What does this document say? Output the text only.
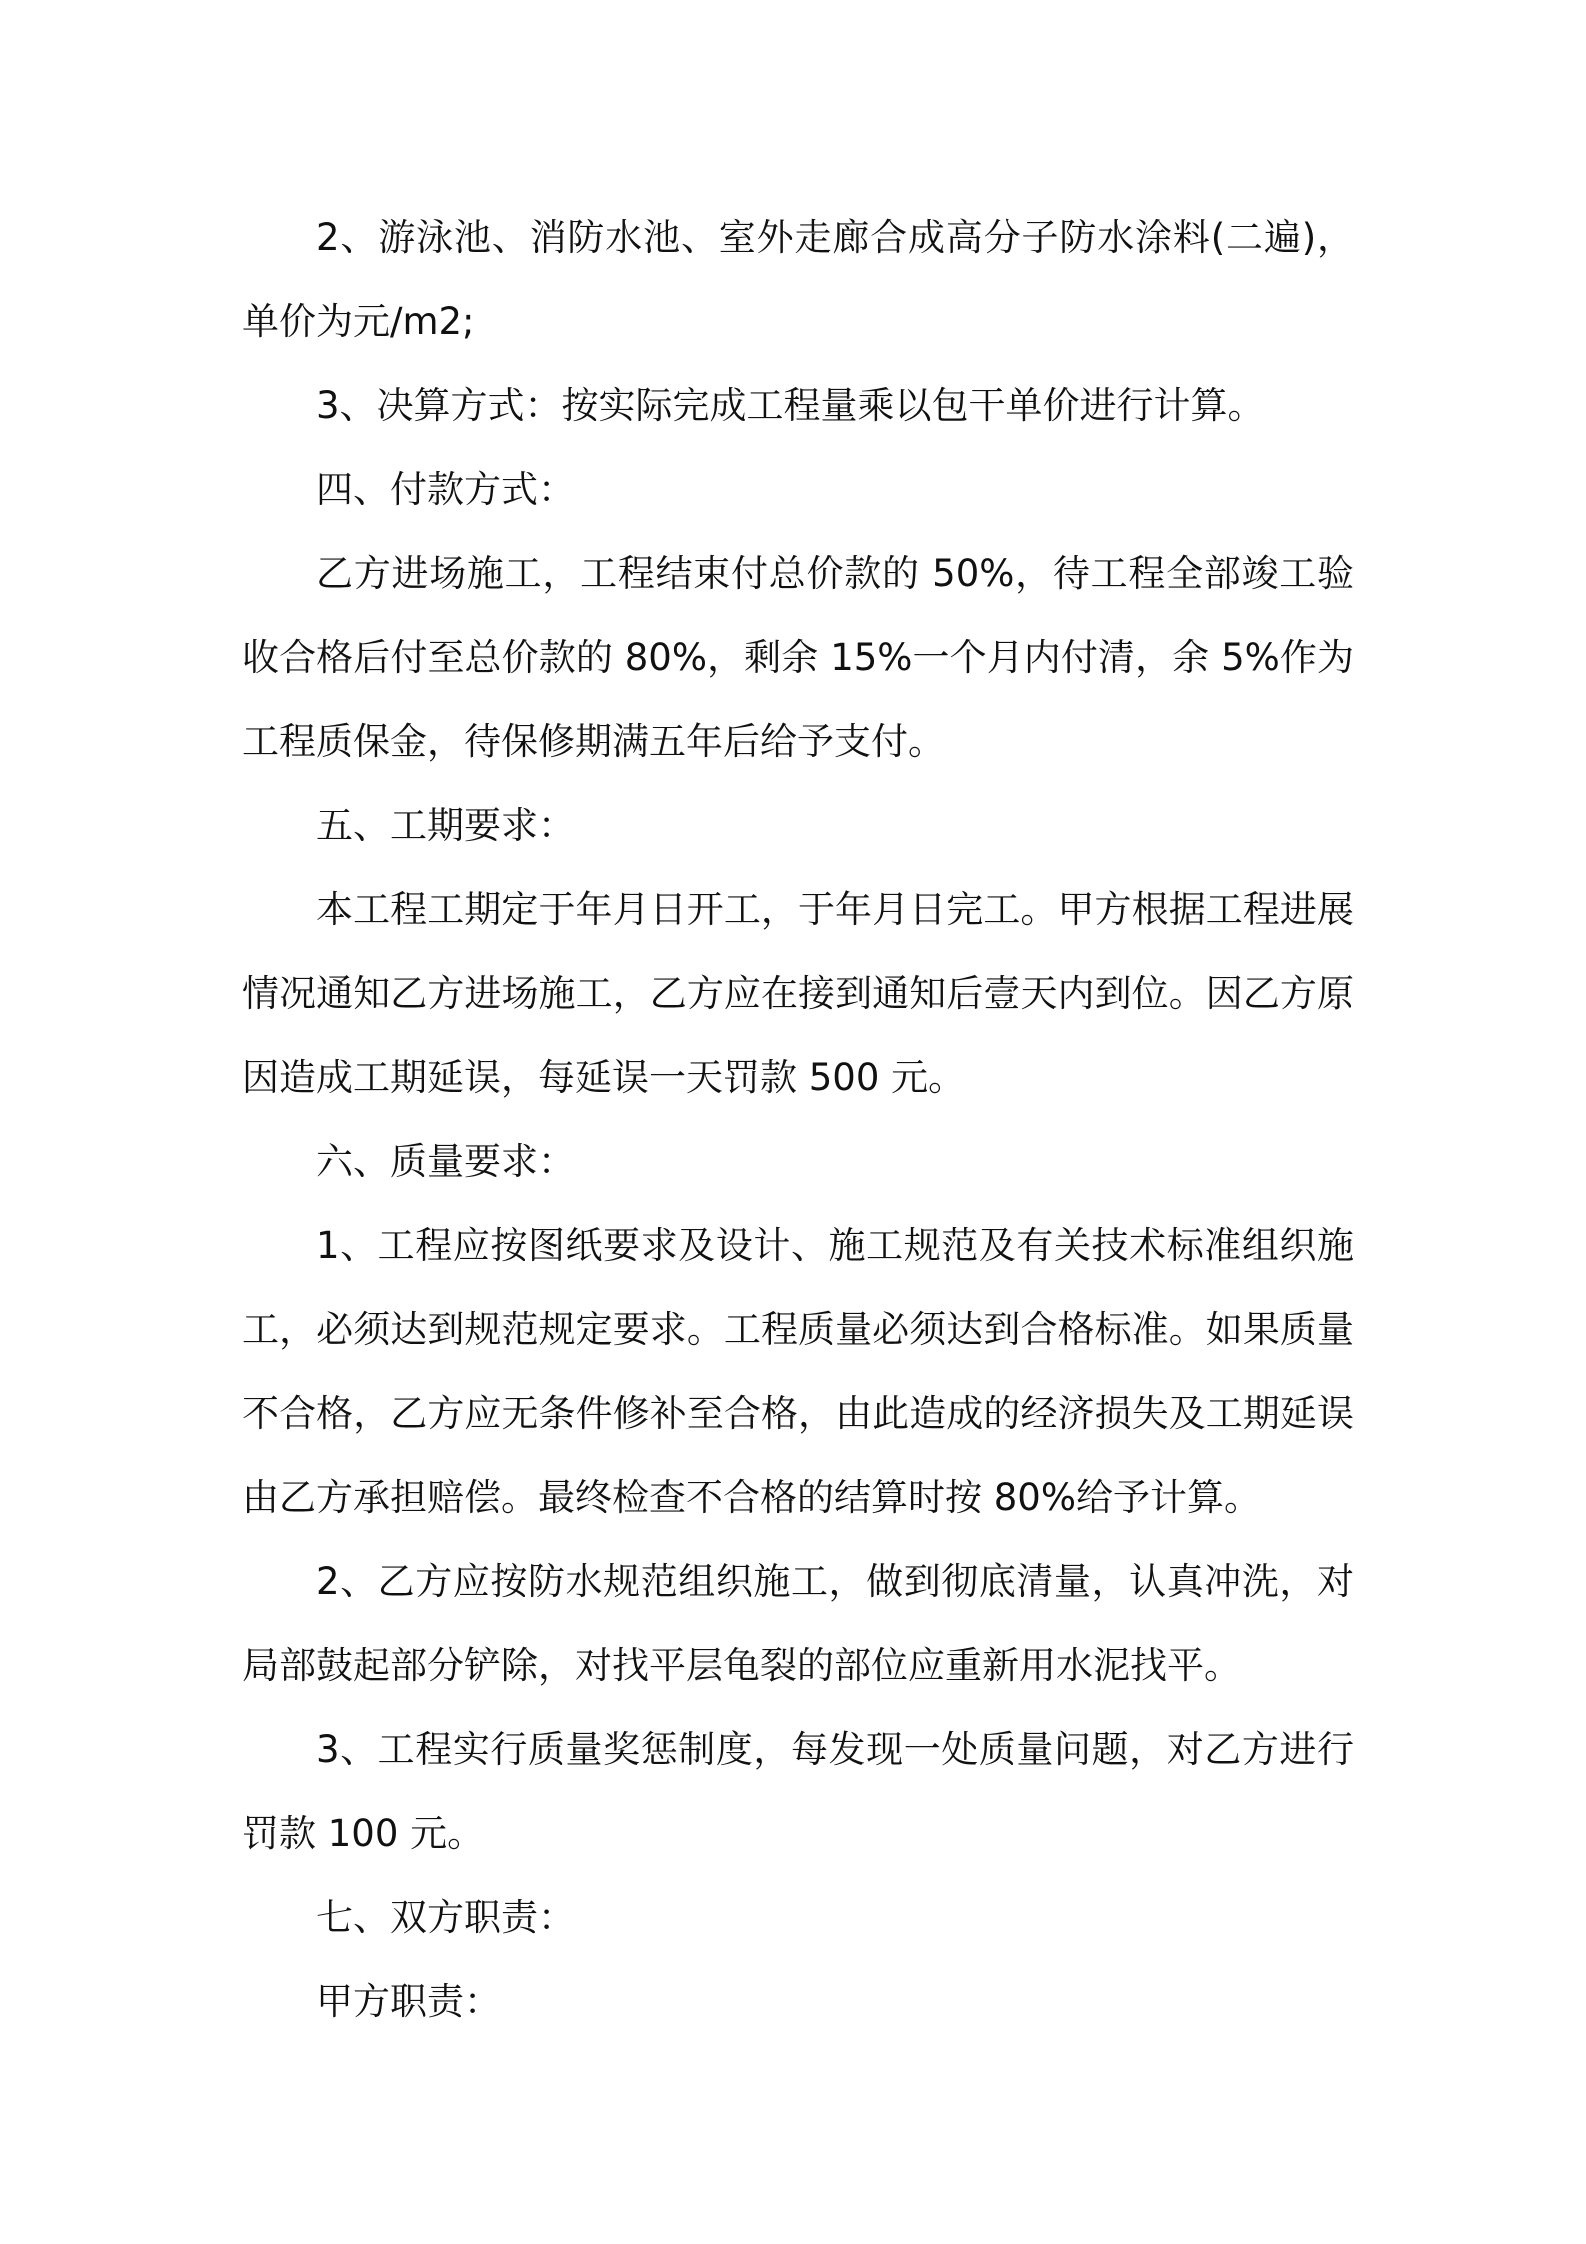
2、游泳池、消防水池、室外走廊合成高分子防水涂料(二遍)，单价为元/m2;

3、决算方式：按实际完成工程量乘以包干单价进行计算。

四、付款方式：

乙方进场施工，工程结束付总价款的 50%，待工程全部竣工验收合格后付至总价款的 80%，剩余 15%一个月内付清，余 5%作为工程质保金，待保修期满五年后给予支付。

五、工期要求：

本工程工期定于年月日开工，于年月日完工。甲方根据工程进展情况通知乙方进场施工，乙方应在接到通知后壹天内到位。因乙方原因造成工期延误，每延误一天罚款 500 元。

六、质量要求：

1、工程应按图纸要求及设计、施工规范及有关技术标准组织施工，必须达到规范规定要求。工程质量必须达到合格标准。如果质量不合格，乙方应无条件修补至合格，由此造成的经济损失及工期延误由乙方承担赔偿。最终检查不合格的结算时按 80%给予计算。

2、乙方应按防水规范组织施工，做到彻底清量，认真冲洗，对局部鼓起部分铲除，对找平层龟裂的部位应重新用水泥找平。

3、工程实行质量奖惩制度，每发现一处质量问题，对乙方进行罚款 100 元。

七、双方职责：

甲方职责：
